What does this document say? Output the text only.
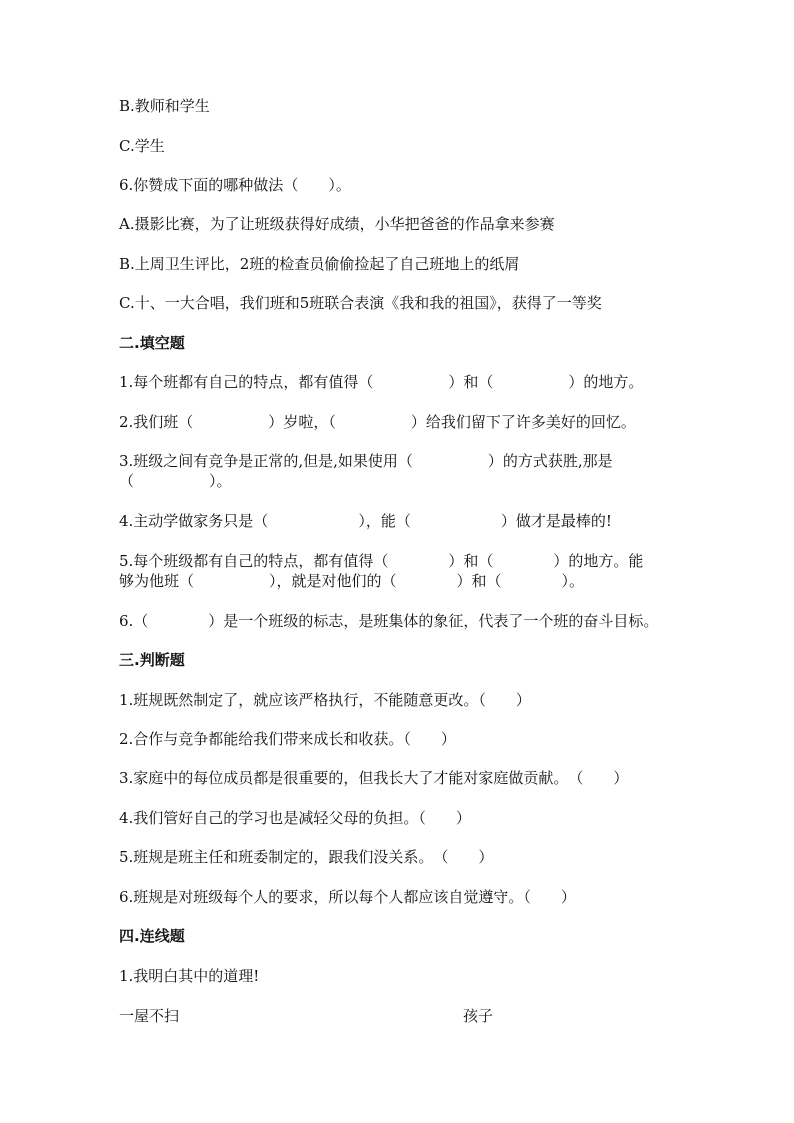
B.教师和学生
C.学生
6.你赞成下面的哪种做法（　　）。
A.摄影比赛，为了让班级获得好成绩，小华把爸爸的作品拿来参赛
B.上周卫生评比，2班的检查员偷偷捡起了自己班地上的纸屑
C.十、一大合唱，我们班和5班联合表演《我和我的祖国》，获得了一等奖
二.填空题
1.每个班都有自己的特点，都有值得（　　　　　）和（　　　　　）的地方。
2.我们班（　　　　　）岁啦，（　　　　　）给我们留下了许多美好的回忆。
3.班级之间有竞争是正常的,但是,如果使用（　　　　　）的方式获胜,那是
（　　　　　）。
4.主动学做家务只是（　　　　　　），能（　　　　　　）做才是最棒的!
5.每个班级都有自己的特点，都有值得（　　　　）和（　　　　）的地方。能
够为他班（　　　　　），就是对他们的（　　　　）和（　　　　）。
6.（　　　　）是一个班级的标志，是班集体的象征，代表了一个班的奋斗目标。
三.判断题
1.班规既然制定了，就应该严格执行，不能随意更改。（　　）
2.合作与竞争都能给我们带来成长和收获。（　　）
3.家庭中的每位成员都是很重要的，但我长大了才能对家庭做贡献。　（　　）
4.我们管好自己的学习也是减轻父母的负担。（　　）
5.班规是班主任和班委制定的，跟我们没关系。　（　　）
6.班规是对班级每个人的要求，所以每个人都应该自觉遵守。（　　）
四.连线题
1.我明白其中的道理!
一屋不扫	孩子
